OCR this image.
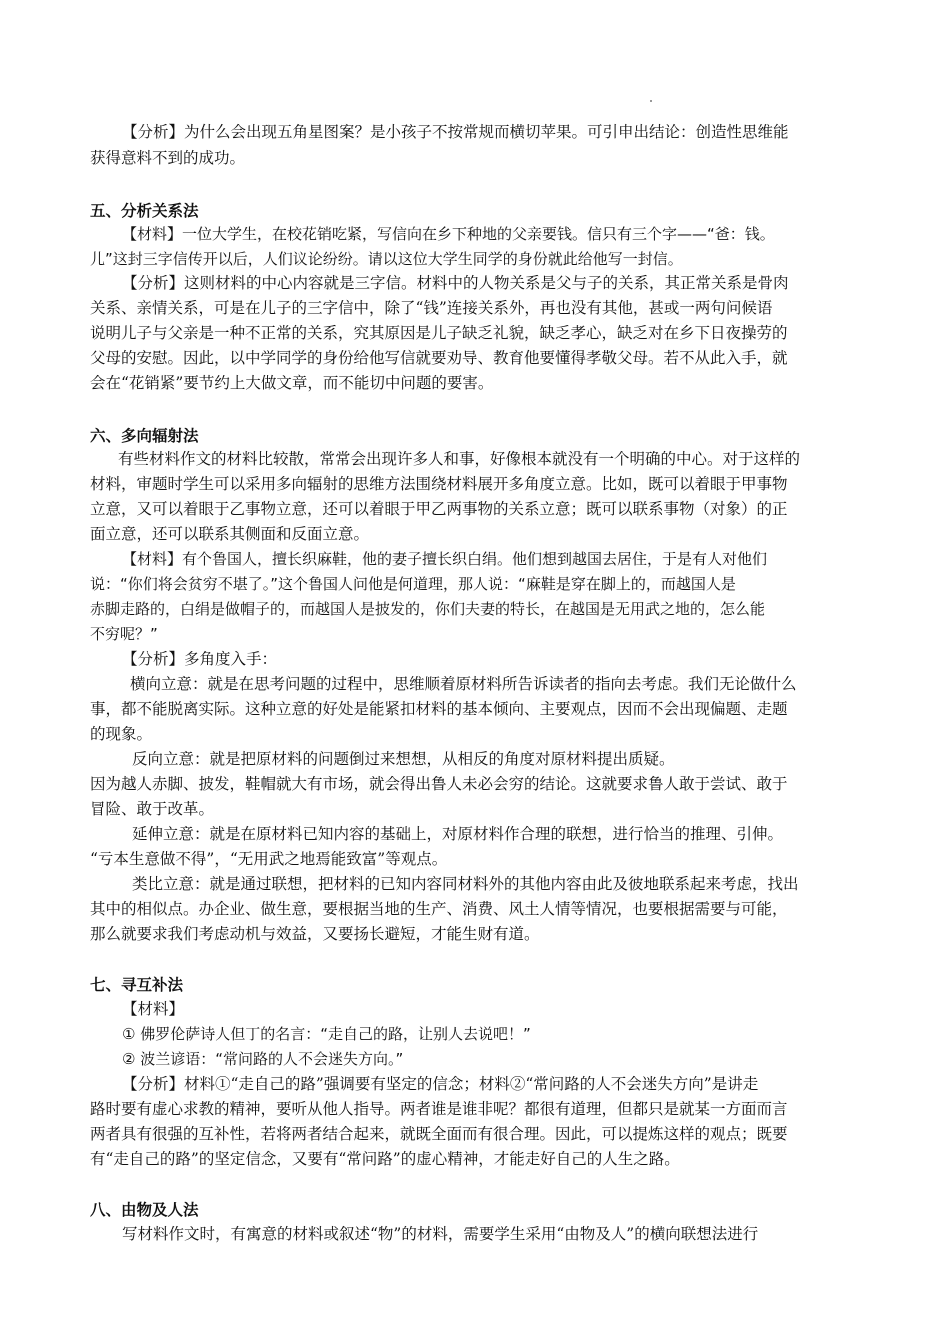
【分析】为什么会出现五角星图案？是小孩子不按常规而横切苹果。可引申出结论：创造性思维能
获得意料不到的成功。
五、分析关系法
【材料】一位大学生，在校花销吃紧，写信向在乡下种地的父亲要钱。信只有三个字——“爸：钱。
儿”这封三字信传开以后，人们议论纷纷。请以这位大学生同学的身份就此给他写一封信。
【分析】这则材料的中心内容就是三字信。材料中的人物关系是父与子的关系，其正常关系是骨肉
关系、亲情关系，可是在儿子的三字信中，除了“钱”连接关系外，再也没有其他，甚或一两句问候语
说明儿子与父亲是一种不正常的关系，究其原因是儿子缺乏礼貌，缺乏孝心，缺乏对在乡下日夜操劳的
父母的安慰。因此，以中学同学的身份给他写信就要劝导、教育他要懂得孝敬父母。若不从此入手，就
会在“花销紧”要节约上大做文章，而不能切中问题的要害。
六、多向辐射法
有些材料作文的材料比较散，常常会出现许多人和事，好像根本就没有一个明确的中心。对于这样的
材料，审题时学生可以采用多向辐射的思维方法围绕材料展开多角度立意。比如，既可以着眼于甲事物
立意，又可以着眼于乙事物立意，还可以着眼于甲乙两事物的关系立意；既可以联系事物（对象）的正
面立意，还可以联系其侧面和反面立意。
【材料】有个鲁国人，擅长织麻鞋，他的妻子擅长织白绢。他们想到越国去居住，于是有人对他们
说：“你们将会贫穷不堪了。”这个鲁国人问他是何道理，那人说：“麻鞋是穿在脚上的，而越国人是
赤脚走路的，白绢是做帽子的，而越国人是披发的，你们夫妻的特长，在越国是无用武之地的，怎么能
不穷呢？”
【分析】多角度入手：
横向立意：就是在思考问题的过程中，思维顺着原材料所告诉读者的指向去考虑。我们无论做什么
事，都不能脱离实际。这种立意的好处是能紧扣材料的基本倾向、主要观点，因而不会出现偏题、走题
的现象。
反向立意：就是把原材料的问题倒过来想想，从相反的角度对原材料提出质疑。
因为越人赤脚、披发，鞋帽就大有市场，就会得出鲁人未必会穷的结论。这就要求鲁人敢于尝试、敢于
冒险、敢于改革。
延伸立意：就是在原材料已知内容的基础上，对原材料作合理的联想，进行恰当的推理、引伸。
“亏本生意做不得”，“无用武之地焉能致富”等观点。
类比立意：就是通过联想，把材料的已知内容同材料外的其他内容由此及彼地联系起来考虑，找出
其中的相似点。办企业、做生意，要根据当地的生产、消费、风土人情等情况，也要根据需要与可能，
那么就要求我们考虑动机与效益，又要扬长避短，才能生财有道。
七、寻互补法
【材料】
① 佛罗伦萨诗人但丁的名言：“走自己的路，让别人去说吧！”
② 波兰谚语：“常问路的人不会迷失方向。”
【分析】材料①“走自己的路”强调要有坚定的信念；材料②“常问路的人不会迷失方向”是讲走
路时要有虚心求教的精神，要听从他人指导。两者谁是谁非呢？都很有道理，但都只是就某一方面而言
两者具有很强的互补性，若将两者结合起来，就既全面而有很合理。因此，可以提炼这样的观点；既要
有“走自己的路”的坚定信念，又要有“常问路”的虚心精神，才能走好自己的人生之路。
八、由物及人法
写材料作文时，有寓意的材料或叙述“物”的材料，需要学生采用“由物及人”的横向联想法进行
